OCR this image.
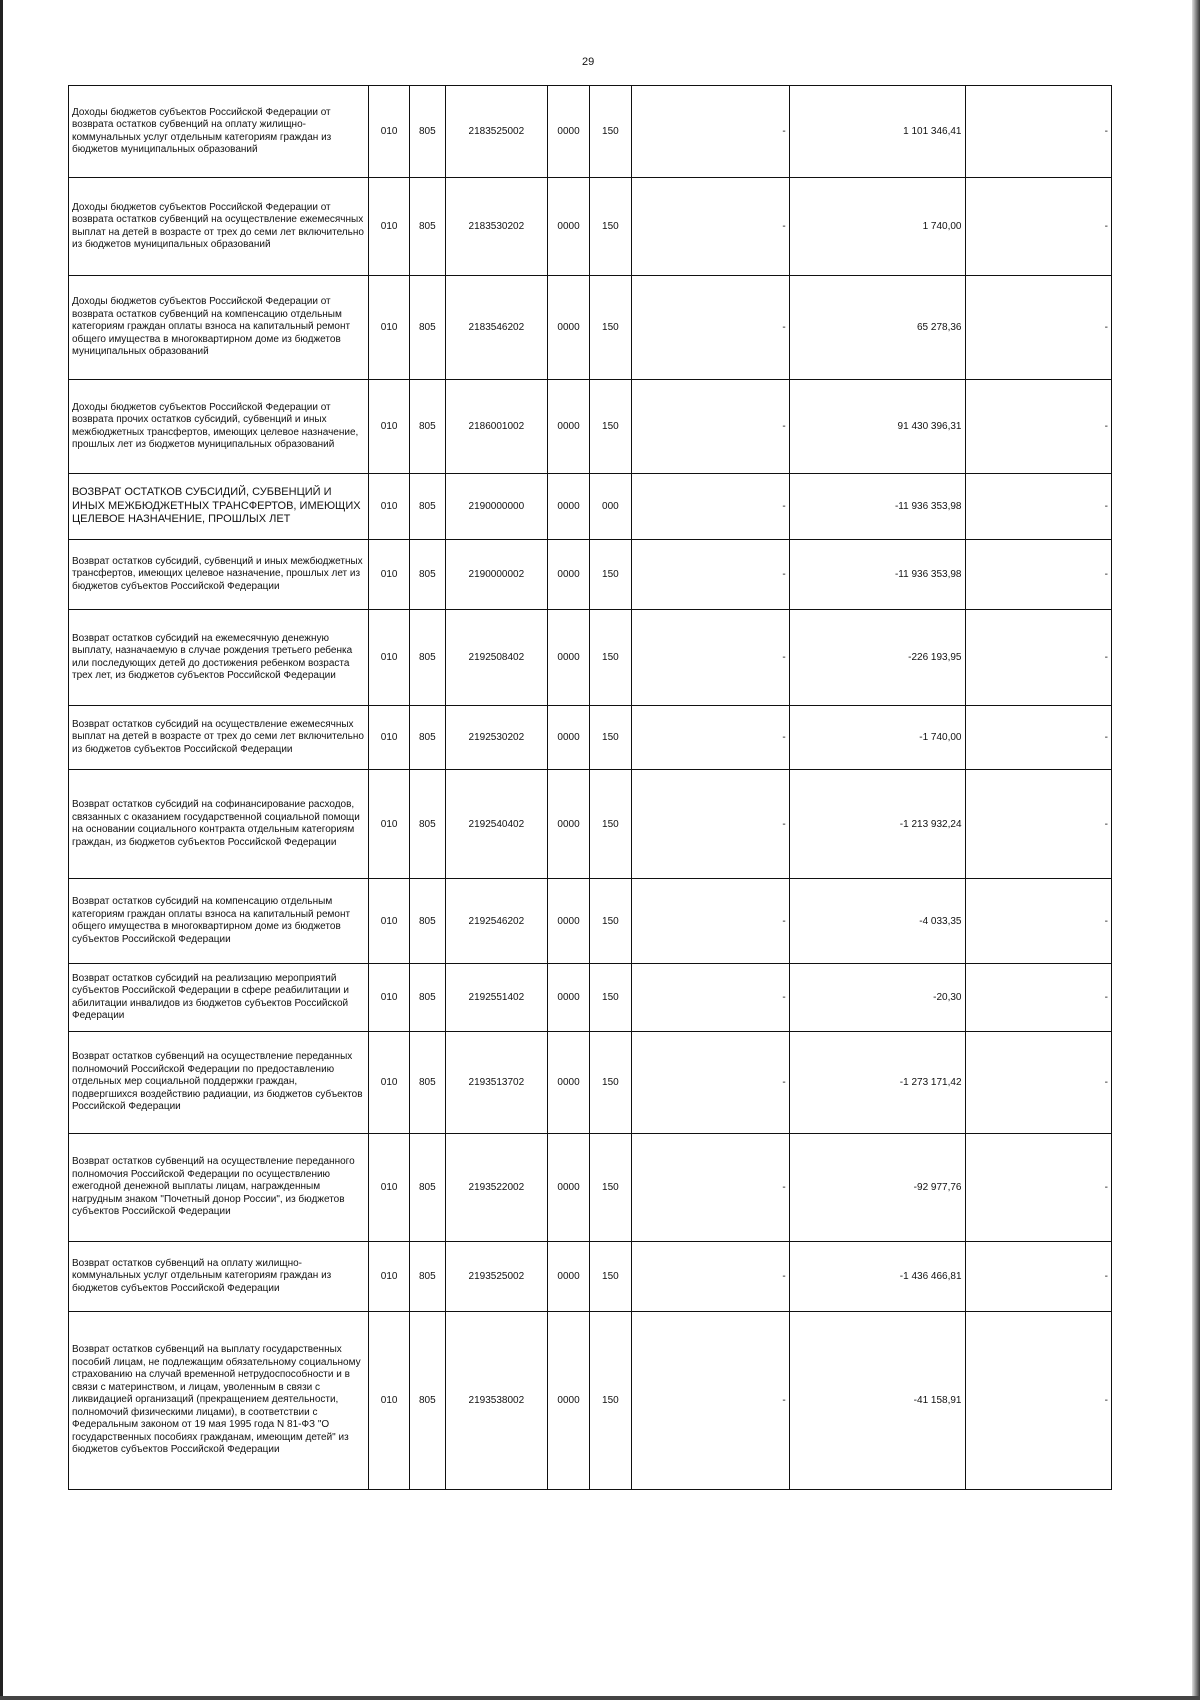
29
Доходы бюджетов субъектов Российской Федерации от возврата остатков субвенций на оплату жилищно-коммунальных услуг отдельным категориям граждан из бюджетов муниципальных образований	010	805	2183525002	0000	150	-	1 101 346,41	-
Доходы бюджетов субъектов Российской Федерации от возврата остатков субвенций на осуществление ежемесячных выплат на детей в возрасте от трех до семи лет включительно из бюджетов муниципальных образований	010	805	2183530202	0000	150	-	1 740,00	-
Доходы бюджетов субъектов Российской Федерации от возврата остатков субвенций на компенсацию отдельным категориям граждан оплаты взноса на капитальный ремонт общего имущества в многоквартирном доме из бюджетов муниципальных образований	010	805	2183546202	0000	150	-	65 278,36	-
Доходы бюджетов субъектов Российской Федерации от возврата прочих остатков субсидий, субвенций и иных межбюджетных трансфертов, имеющих целевое назначение, прошлых лет из бюджетов муниципальных образований	010	805	2186001002	0000	150	-	91 430 396,31	-
ВОЗВРАТ ОСТАТКОВ СУБСИДИЙ, СУБВЕНЦИЙ И ИНЫХ МЕЖБЮДЖЕТНЫХ ТРАНСФЕРТОВ, ИМЕЮЩИХ ЦЕЛЕВОЕ НАЗНАЧЕНИЕ, ПРОШЛЫХ ЛЕТ	010	805	2190000000	0000	000	-	-11 936 353,98	-
Возврат остатков субсидий, субвенций и иных межбюджетных трансфертов, имеющих целевое назначение, прошлых лет из бюджетов субъектов Российской Федерации	010	805	2190000002	0000	150	-	-11 936 353,98	-
Возврат остатков субсидий на ежемесячную денежную выплату, назначаемую в случае рождения третьего ребенка или последующих детей до достижения ребенком возраста трех лет, из бюджетов субъектов Российской Федерации	010	805	2192508402	0000	150	-	-226 193,95	-
Возврат остатков субсидий на осуществление ежемесячных выплат на детей в возрасте от трех до семи лет включительно из бюджетов субъектов Российской Федерации	010	805	2192530202	0000	150	-	-1 740,00	-
Возврат остатков субсидий на софинансирование расходов, связанных с оказанием государственной социальной помощи на основании социального контракта отдельным категориям граждан, из бюджетов субъектов Российской Федерации	010	805	2192540402	0000	150	-	-1 213 932,24	-
Возврат остатков субсидий на компенсацию отдельным категориям граждан оплаты взноса на капитальный ремонт общего имущества в многоквартирном доме из бюджетов субъектов Российской Федерации	010	805	2192546202	0000	150	-	-4 033,35	-
Возврат остатков субсидий на реализацию мероприятий субъектов Российской Федерации в сфере реабилитации и абилитации инвалидов из бюджетов субъектов Российской Федерации	010	805	2192551402	0000	150	-	-20,30	-
Возврат остатков субвенций на осуществление переданных полномочий Российской Федерации по предоставлению отдельных мер социальной поддержки граждан, подвергшихся воздействию радиации, из бюджетов субъектов Российской Федерации	010	805	2193513702	0000	150	-	-1 273 171,42	-
Возврат остатков субвенций на осуществление переданного полномочия Российской Федерации по осуществлению ежегодной денежной выплаты лицам, награжденным нагрудным знаком "Почетный донор России", из бюджетов субъектов Российской Федерации	010	805	2193522002	0000	150	-	-92 977,76	-
Возврат остатков субвенций на оплату жилищно-коммунальных услуг отдельным категориям граждан из бюджетов субъектов Российской Федерации	010	805	2193525002	0000	150	-	-1 436 466,81	-
Возврат остатков субвенций на выплату государственных пособий лицам, не подлежащим обязательному социальному страхованию на случай временной нетрудоспособности и в связи с материнством, и лицам, уволенным в связи с ликвидацией организаций (прекращением деятельности, полномочий физическими лицами), в соответствии с Федеральным законом от 19 мая 1995 года N 81-ФЗ "О государственных пособиях гражданам, имеющим детей" из бюджетов субъектов Российской Федерации	010	805	2193538002	0000	150	-	-41 158,91	-
